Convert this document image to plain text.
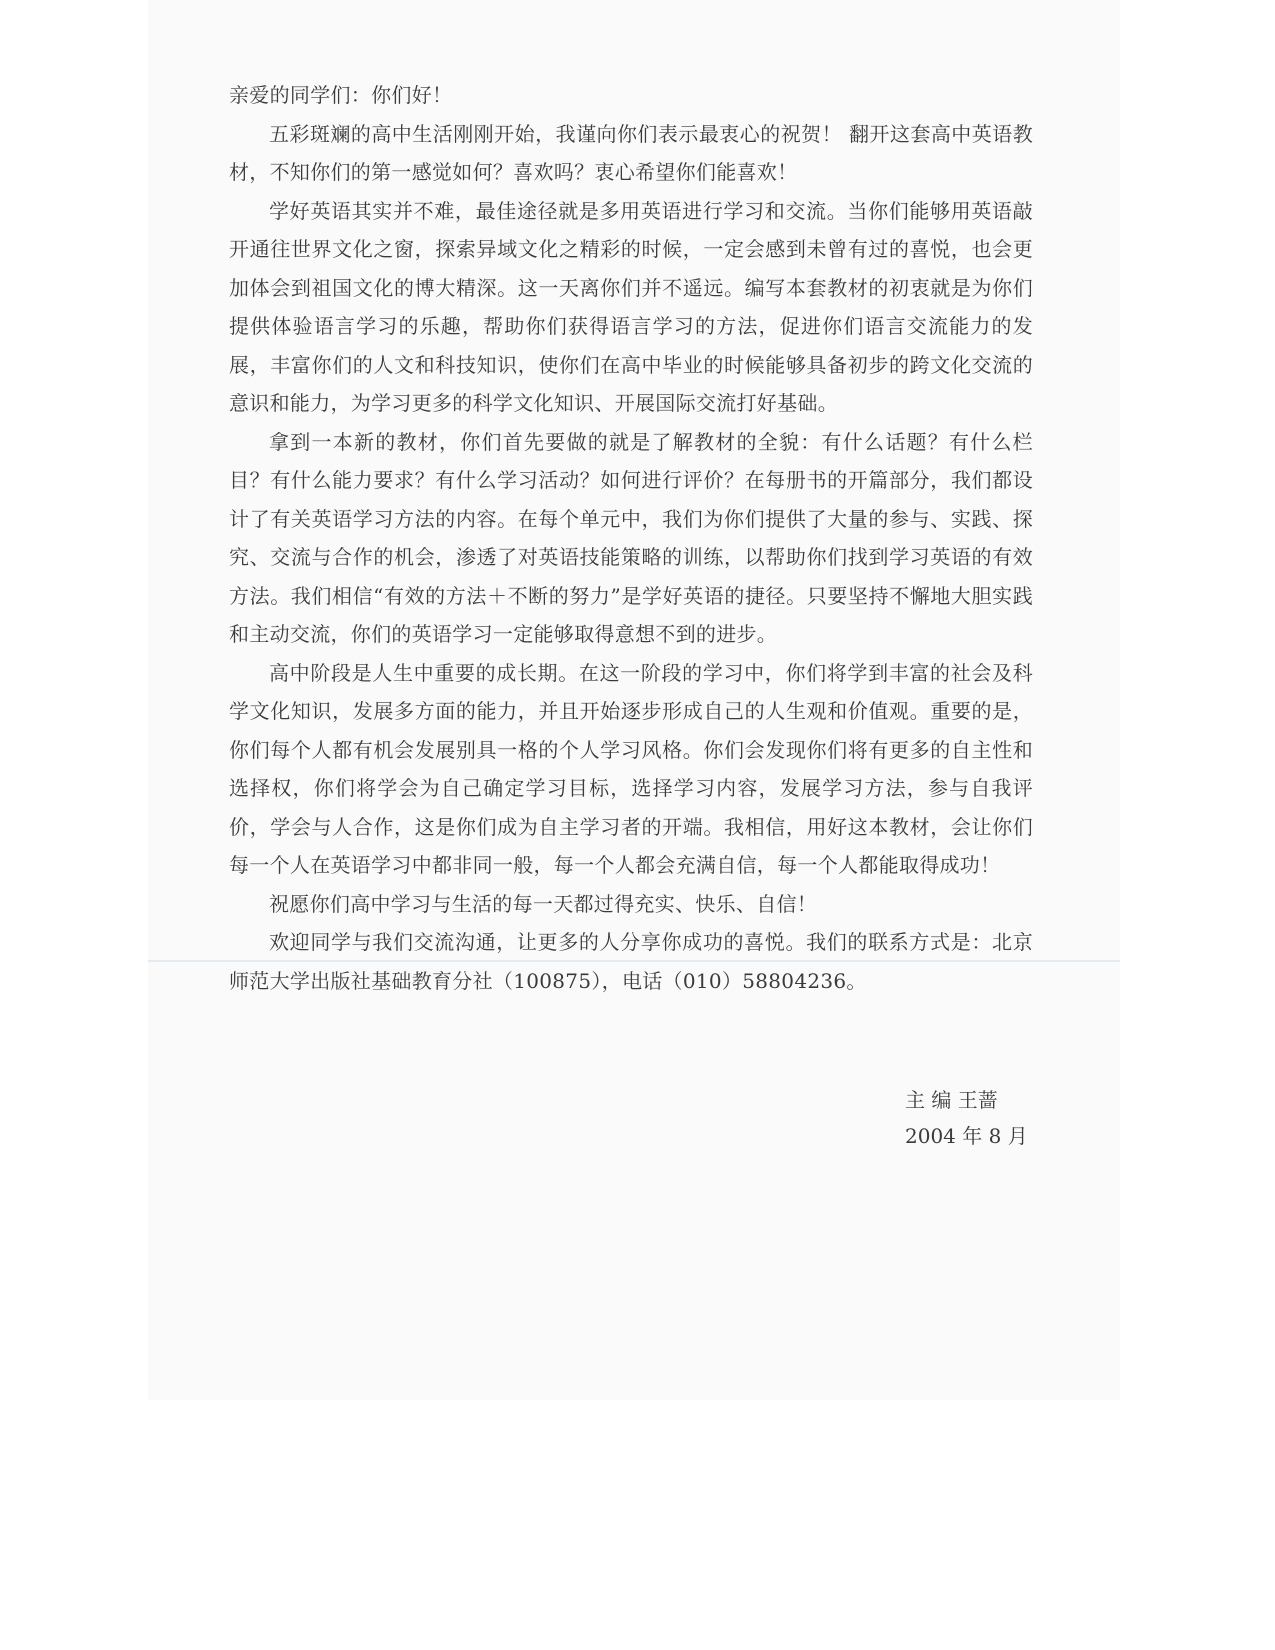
亲爱的同学们：你们好！

五彩斑斓的高中生活刚刚开始，我谨向你们表示最衷心的祝贺！ 翻开这套高中英语教材，不知你们的第一感觉如何？喜欢吗？衷心希望你们能喜欢！

学好英语其实并不难，最佳途径就是多用英语进行学习和交流。当你们能够用英语敲开通往世界文化之窗，探索异域文化之精彩的时候，一定会感到未曾有过的喜悦，也会更加体会到祖国文化的博大精深。这一天离你们并不遥远。编写本套教材的初衷就是为你们提供体验语言学习的乐趣，帮助你们获得语言学习的方法，促进你们语言交流能力的发展，丰富你们的人文和科技知识，使你们在高中毕业的时候能够具备初步的跨文化交流的意识和能力，为学习更多的科学文化知识、开展国际交流打好基础。

拿到一本新的教材，你们首先要做的就是了解教材的全貌：有什么话题？有什么栏目？有什么能力要求？有什么学习活动？如何进行评价？在每册书的开篇部分，我们都设计了有关英语学习方法的内容。在每个单元中，我们为你们提供了大量的参与、实践、探究、交流与合作的机会，渗透了对英语技能策略的训练，以帮助你们找到学习英语的有效方法。我们相信“有效的方法＋不断的努力”是学好英语的捷径。只要坚持不懈地大胆实践和主动交流，你们的英语学习一定能够取得意想不到的进步。

高中阶段是人生中重要的成长期。在这一阶段的学习中，你们将学到丰富的社会及科学文化知识，发展多方面的能力，并且开始逐步形成自己的人生观和价值观。重要的是，你们每个人都有机会发展别具一格的个人学习风格。你们会发现你们将有更多的自主性和选择权，你们将学会为自己确定学习目标，选择学习内容，发展学习方法，参与自我评价，学会与人合作，这是你们成为自主学习者的开端。我相信，用好这本教材，会让你们每一个人在英语学习中都非同一般，每一个人都会充满自信，每一个人都能取得成功！

祝愿你们高中学习与生活的每一天都过得充实、快乐、自信！

欢迎同学与我们交流沟通，让更多的人分享你成功的喜悦。我们的联系方式是：北京师范大学出版社基础教育分社（100875），电话（010）58804236。

主 编 王蔷
2004 年 8 月
